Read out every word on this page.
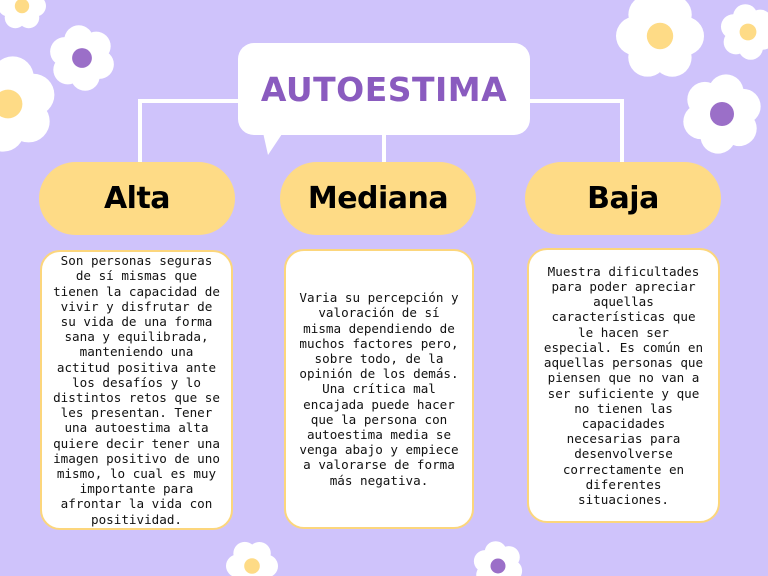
AUTOESTIMA
Alta	Mediana	Baja

Son personas seguras de sí mismas que tienen la capacidad de vivir y disfrutar de su vida de una forma sana y equilibrada, manteniendo una actitud positiva ante los desafíos y lo distintos retos que se les presentan. Tener una autoestima alta quiere decir tener una imagen positivo de uno mismo, lo cual es muy importante para afrontar la vida con positividad.

Varia su percepción y valoración de sí misma dependiendo de muchos factores pero, sobre todo, de la opinión de los demás. Una crítica mal encajada puede hacer que la persona con autoestima media se venga abajo y empiece a valorarse de forma más negativa.

Muestra dificultades para poder apreciar aquellas características que le hacen ser especial. Es común en aquellas personas que piensen que no van a ser suficiente y que no tienen las capacidades necesarias para desenvolverse correctamente en diferentes situaciones.
